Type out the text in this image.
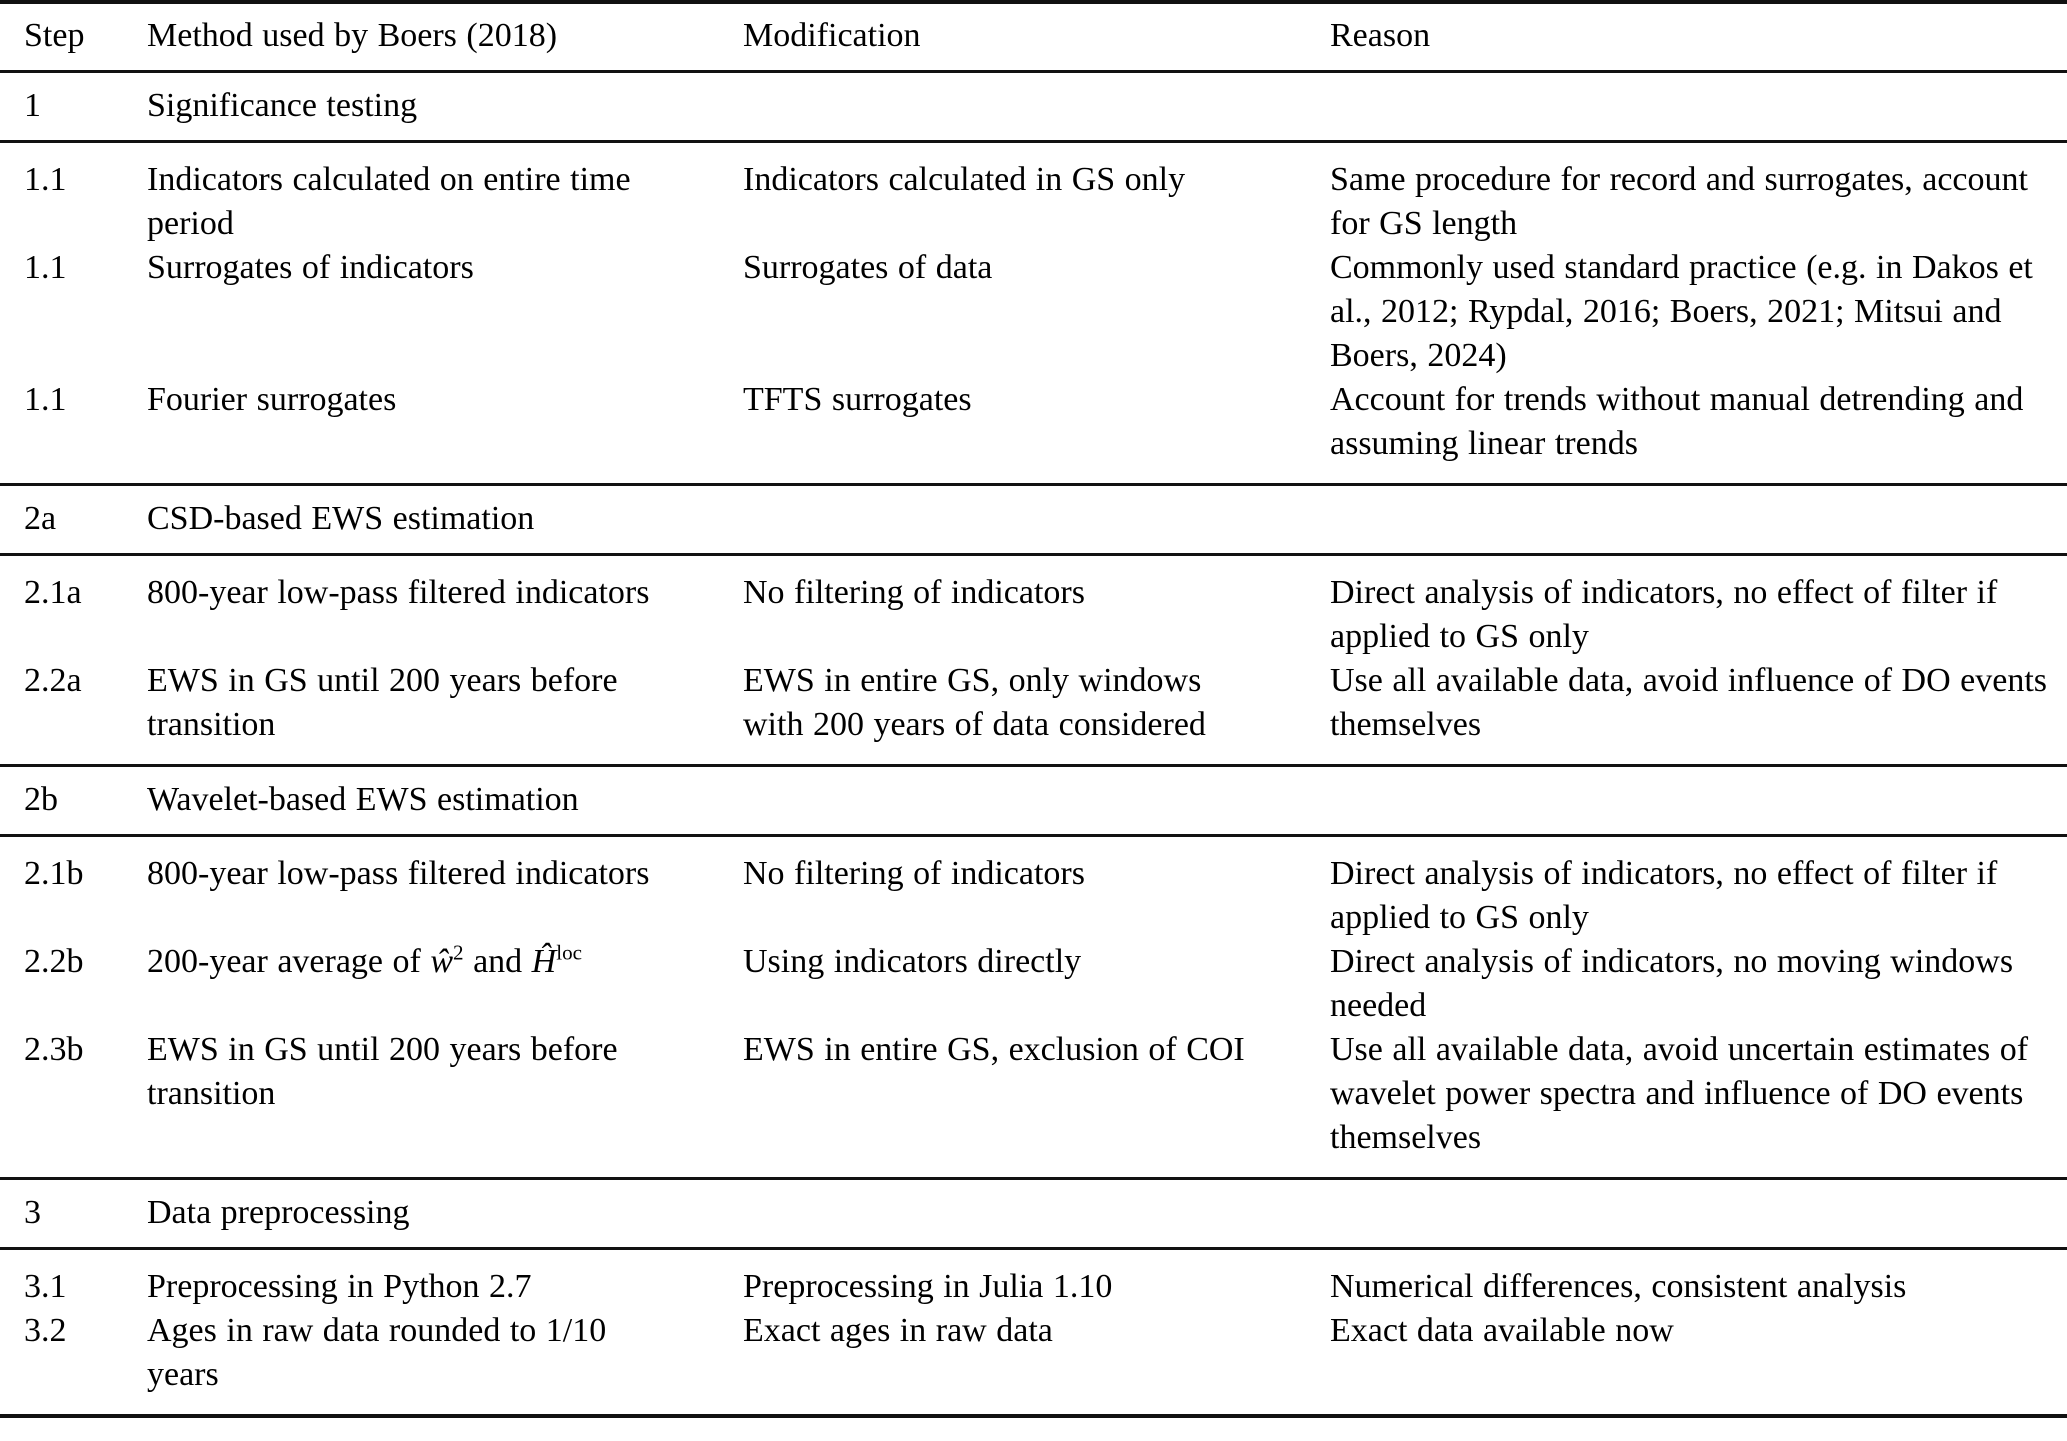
Step	Method used by Boers (2018)	Modification	Reason
1	Significance testing		
1.1	Indicators calculated on entire time period	Indicators calculated in GS only	Same procedure for record and surrogates, account for GS length
1.1	Surrogates of indicators	Surrogates of data	Commonly used standard practice (e.g. in Dakos et al., 2012; Rypdal, 2016; Boers, 2021; Mitsui and Boers, 2024)
1.1	Fourier surrogates	TFTS surrogates	Account for trends without manual detrending and assuming linear trends
2a	CSD-based EWS estimation		
2.1a	800-year low-pass filtered indicators	No filtering of indicators	Direct analysis of indicators, no effect of filter if applied to GS only
2.2a	EWS in GS until 200 years before transition	EWS in entire GS, only windows with 200 years of data considered	Use all available data, avoid influence of DO events themselves
2b	Wavelet-based EWS estimation		
2.1b	800-year low-pass filtered indicators	No filtering of indicators	Direct analysis of indicators, no effect of filter if applied to GS only
2.2b	200-year average of $ŵ^2$ and $Ĥ^{loc}$	Using indicators directly	Direct analysis of indicators, no moving windows needed
2.3b	EWS in GS until 200 years before transition	EWS in entire GS, exclusion of COI	Use all available data, avoid uncertain estimates of wavelet power spectra and influence of DO events themselves
3	Data preprocessing		
3.1	Preprocessing in Python 2.7	Preprocessing in Julia 1.10	Numerical differences, consistent analysis
3.2	Ages in raw data rounded to 1/10 years	Exact ages in raw data	Exact data available now
